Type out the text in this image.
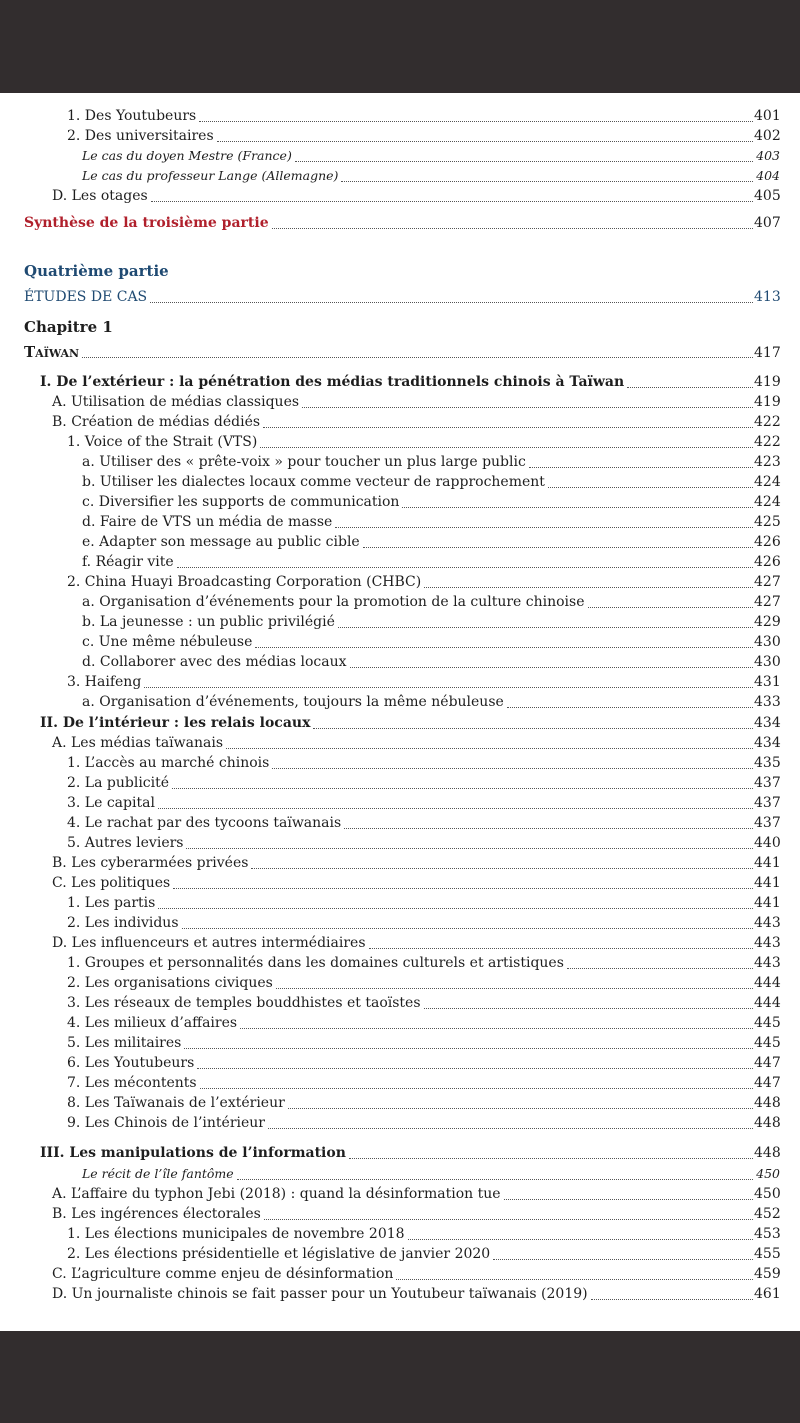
1. Des Youtubeurs	401
2. Des universitaires	402
Le cas du doyen Mestre (France)	403
Le cas du professeur Lange (Allemagne)	404
D. Les otages	405
Synthèse de la troisième partie	407
Quatrième partie
ÉTUDES DE CAS	413
Chapitre 1
Taïwan	417
I. De l’extérieur : la pénétration des médias traditionnels chinois à Taïwan	419
A. Utilisation de médias classiques	419
B. Création de médias dédiés	422
1. Voice of the Strait (VTS)	422
a. Utiliser des « prête-voix » pour toucher un plus large public	423
b. Utiliser les dialectes locaux comme vecteur de rapprochement	424
c. Diversifier les supports de communication	424
d. Faire de VTS un média de masse	425
e. Adapter son message au public cible	426
f. Réagir vite	426
2. China Huayi Broadcasting Corporation (CHBC)	427
a. Organisation d’événements pour la promotion de la culture chinoise	427
b. La jeunesse : un public privilégié	429
c. Une même nébuleuse	430
d. Collaborer avec des médias locaux	430
3. Haifeng	431
a. Organisation d’événements, toujours la même nébuleuse	433
II. De l’intérieur : les relais locaux	434
A. Les médias taïwanais	434
1. L’accès au marché chinois	435
2. La publicité	437
3. Le capital	437
4. Le rachat par des tycoons taïwanais	437
5. Autres leviers	440
B. Les cyberarmées privées	441
C. Les politiques	441
1. Les partis	441
2. Les individus	443
D. Les influenceurs et autres intermédiaires	443
1. Groupes et personnalités dans les domaines culturels et artistiques	443
2. Les organisations civiques	444
3. Les réseaux de temples bouddhistes et taoïstes	444
4. Les milieux d’affaires	445
5. Les militaires	445
6. Les Youtubeurs	447
7. Les mécontents	447
8. Les Taïwanais de l’extérieur	448
9. Les Chinois de l’intérieur	448
III. Les manipulations de l’information	448
Le récit de l’île fantôme	450
A. L’affaire du typhon Jebi (2018) : quand la désinformation tue	450
B. Les ingérences électorales	452
1. Les élections municipales de novembre 2018	453
2. Les élections présidentielle et législative de janvier 2020	455
C. L’agriculture comme enjeu de désinformation	459
D. Un journaliste chinois se fait passer pour un Youtubeur taïwanais (2019)	461
